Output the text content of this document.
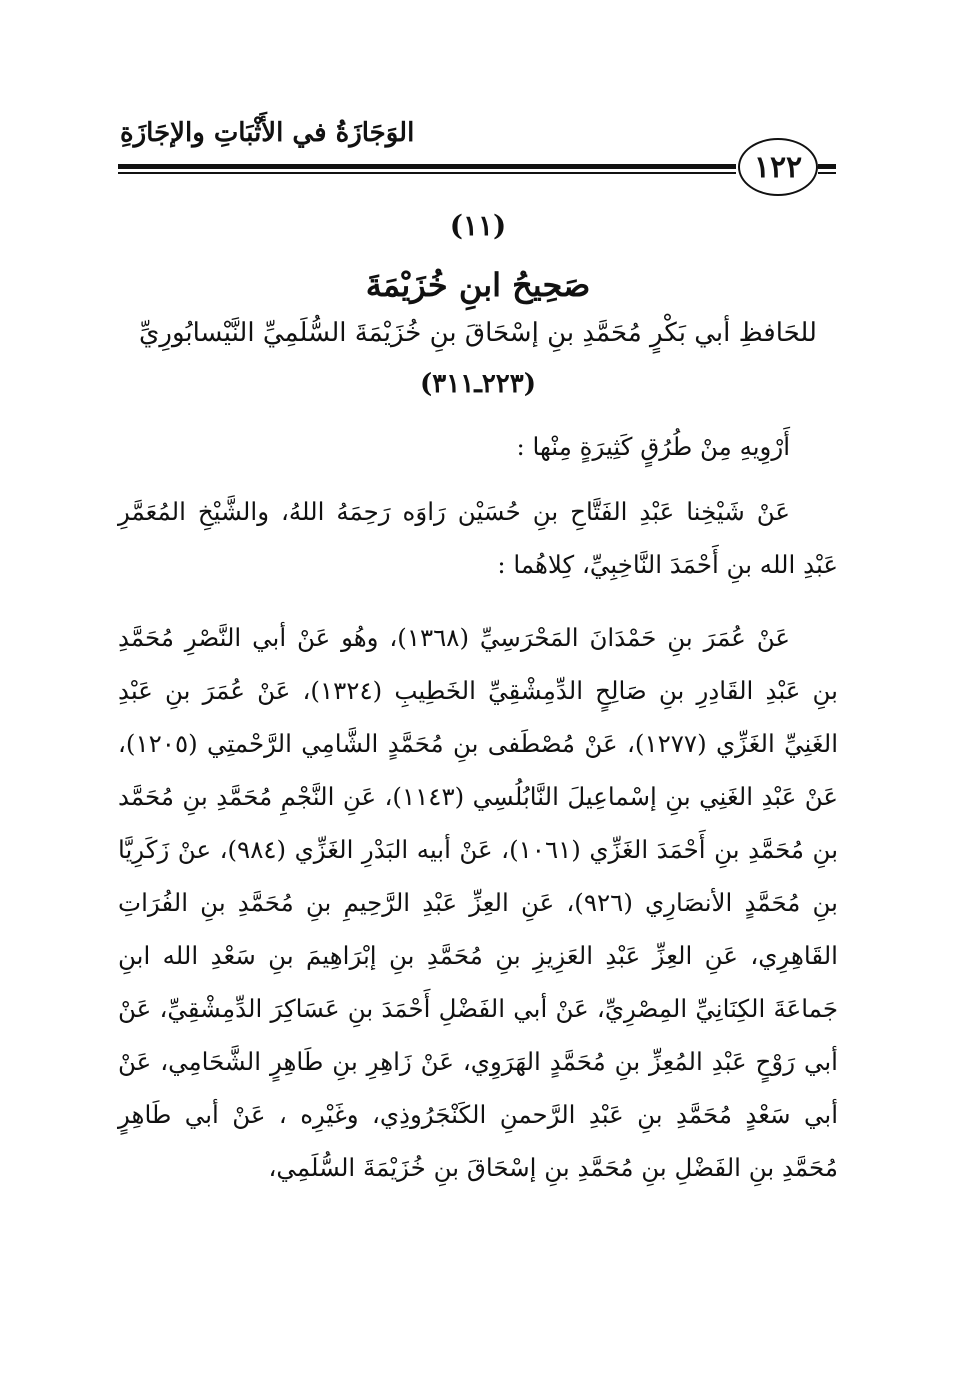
الوَجَازَةُ في الأَثْبَاتِ والإجَازَةِ
١٢٢
(١١)
صَحِيحُ ابنِ خُزَيْمَةَ
للحَافظِ أبي بَكْرٍ مُحَمَّدِ بنِ إسْحَاقَ بنِ خُزَيْمَةَ السُّلَمِيِّ النَّيْسابُورِيِّ
(٢٢٣ـ٣١١)

أَرْوِيهِ مِنْ طُرُقٍ كَثِيرَةٍ مِنْها :

عَنْ شَيْخِنا عَبْدِ الفَتَّاحِ بنِ حُسَيْن رَاوَه رَحِمَهُ اللهُ، والشَّيْخِ المُعَمَّرِ عَبْدِ الله بنِ أَحْمَدَ النَّاخِبِيِّ، كِلاهُما :

عَنْ عُمَرَ بنِ حَمْدَانَ المَحْرَسِيِّ (١٣٦٨)، وهُو عَنْ أبي النَّصْرِ مُحَمَّدِ بنِ عَبْدِ القَادِرِ بنِ صَالِحٍ الدِّمِشْقِيِّ الخَطِيبِ (١٣٢٤)، عَنْ عُمَرَ بنِ عَبْدِ الغَنِيِّ الغَزِّي (١٢٧٧)، عَنْ مُصْطَفى بنِ مُحَمَّدٍ الشَّامِي الرَّحْمتِي (١٢٠٥)، عَنْ عَبْدِ الغَنِي بنِ إسْماعِيلَ النَّابُلُسِي (١١٤٣)، عَنِ النَّجْمِ مُحَمَّدِ بنِ مُحَمَّد بنِ مُحَمَّدِ بنِ أَحْمَدَ الغَزِّي (١٠٦١)، عَنْ أبيه البَدْرِ الغَزِّي (٩٨٤)، عنْ زَكَرِيَّا بنِ مُحَمَّدٍ الأنصَارِي (٩٢٦)، عَنِ العِزِّ عَبْدِ الرَّحِيمِ بنِ مُحَمَّدِ بنِ الفُرَاتِ القَاهِرِي، عَنِ العِزِّ عَبْدِ العَزِيزِ بنِ مُحَمَّدِ بنِ إبْرَاهِيمَ بنِ سَعْدِ الله ابنِ جَماعَةَ الكِنَانِيِّ المِصْرِيِّ، عَنْ أبي الفَضْلِ أَحْمَدَ بنِ عَسَاكِرَ الدِّمِشْقِيِّ، عَنْ أبي رَوْحٍ عَبْدِ المُعِزِّ بنِ مُحَمَّدٍ الهَرَوِي، عَنْ زَاهِرِ بنِ طَاهِرٍ الشَّحَامِي، عَنْ أبي سَعْدٍ مُحَمَّدِ بنِ عَبْدِ الرَّحمنِ الكَنْجَرُوذِي، وغَيْرِه ، عَنْ أبي طَاهِرٍ مُحَمَّدِ بنِ الفَضْلِ بنِ مُحَمَّدِ بنِ إسْحَاقَ بنِ خُزَيْمَةَ السُّلَمِي،
